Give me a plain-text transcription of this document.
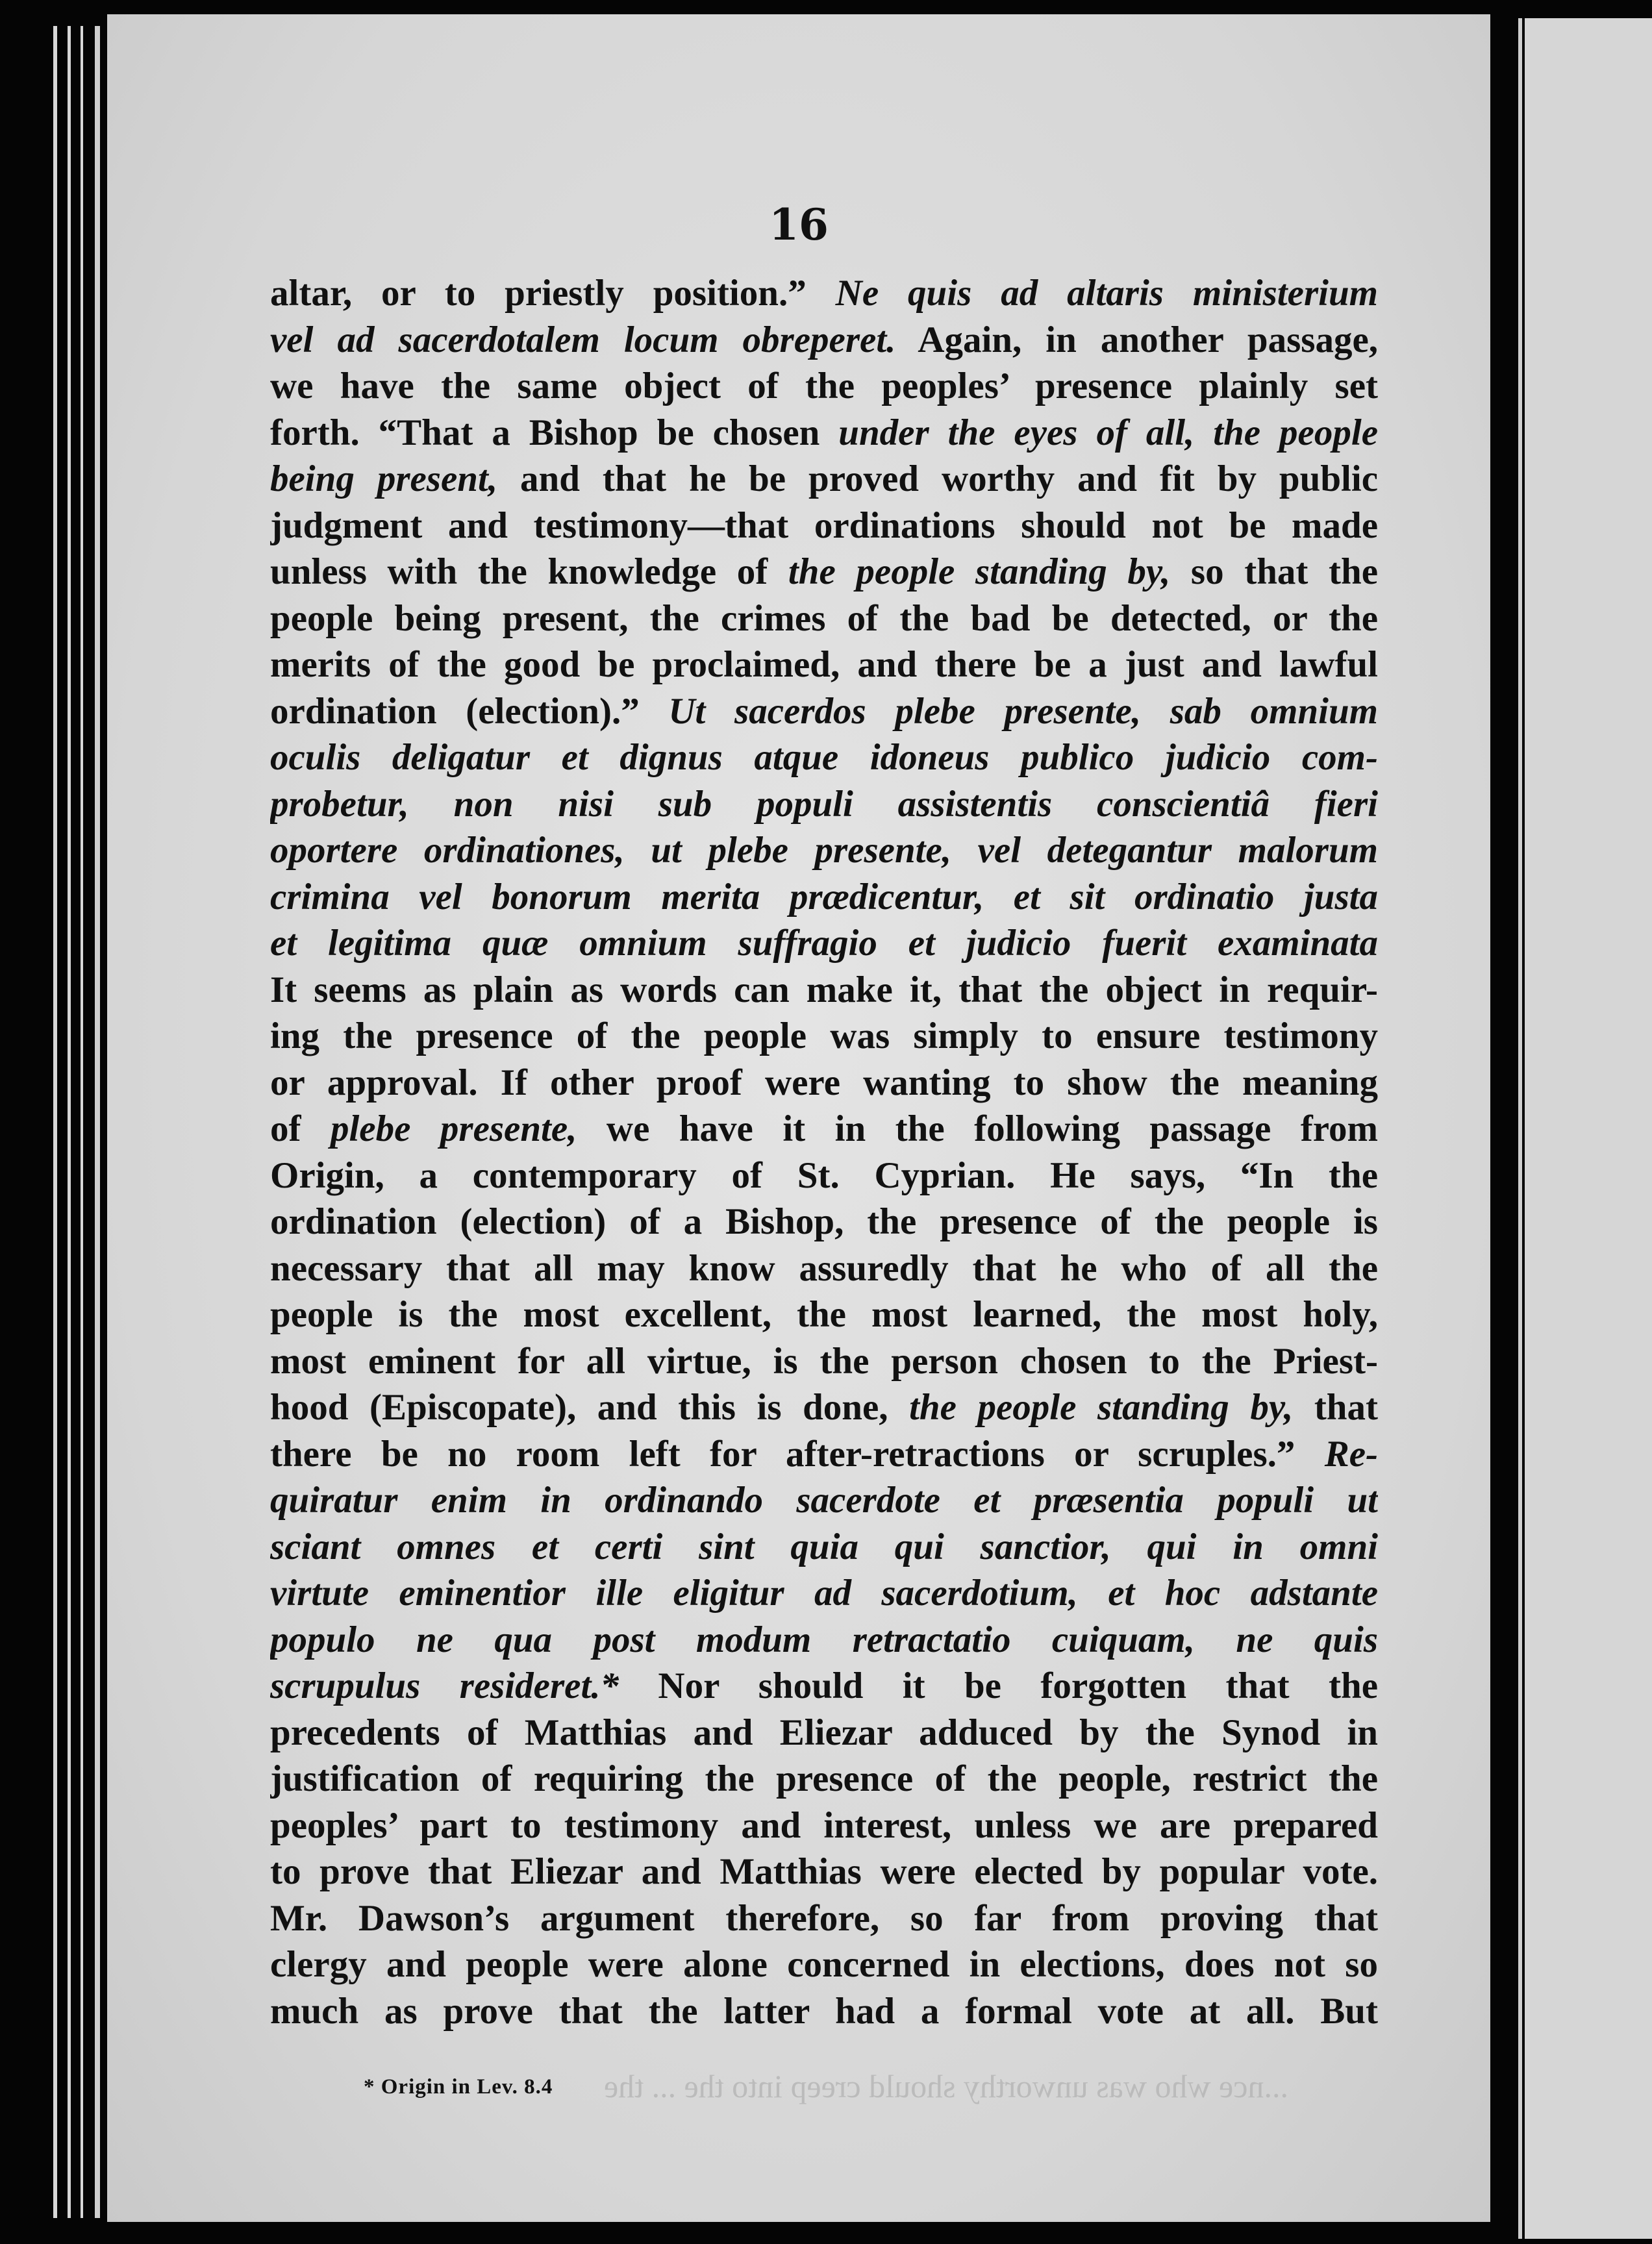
16
altar, or to priestly position.” Ne quis ad altaris ministerium
vel ad sacerdotalem locum obreperet. Again, in another passage,
we have the same object of the peoples’ presence plainly set
forth. “That a Bishop be chosen under the eyes of all, the people
being present, and that he be proved worthy and fit by public
judgment and testimony—that ordinations should not be made
unless with the knowledge of the people standing by, so that the
people being present, the crimes of the bad be detected, or the
merits of the good be proclaimed, and there be a just and lawful
ordination (election).” Ut sacerdos plebe presente, sab omnium
oculis deligatur et dignus atque idoneus publico judicio com-
probetur, non nisi sub populi assistentis conscientiâ fieri
oportere ordinationes, ut plebe presente, vel detegantur malorum
crimina vel bonorum merita prædicentur, et sit ordinatio justa
et legitima quæ omnium suffragio et judicio fuerit examinata
It seems as plain as words can make it, that the object in requir-
ing the presence of the people was simply to ensure testimony
or approval. If other proof were wanting to show the meaning
of plebe presente, we have it in the following passage from
Origin, a contemporary of St. Cyprian. He says, “In the
ordination (election) of a Bishop, the presence of the people is
necessary that all may know assuredly that he who of all the
people is the most excellent, the most learned, the most holy,
most eminent for all virtue, is the person chosen to the Priest-
hood (Episcopate), and this is done, the people standing by, that
there be no room left for after-retractions or scruples.” Re-
quiratur enim in ordinando sacerdote et præsentia populi ut
sciant omnes et certi sint quia qui sanctior, qui in omni
virtute eminentior ille eligitur ad sacerdotium, et hoc adstante
populo ne qua post modum retractatio cuiquam, ne quis
scrupulus resideret.* Nor should it be forgotten that the
precedents of Matthias and Eliezar adduced by the Synod in
justification of requiring the presence of the people, restrict the
peoples’ part to testimony and interest, unless we are prepared
to prove that Eliezar and Matthias were elected by popular vote.
Mr. Dawson’s argument therefore, so far from proving that
clergy and people were alone concerned in elections, does not so
much as prove that the latter had a formal vote at all. But
...nce who was unworthy should creep into the ... the
* Origin in Lev. 8.4
